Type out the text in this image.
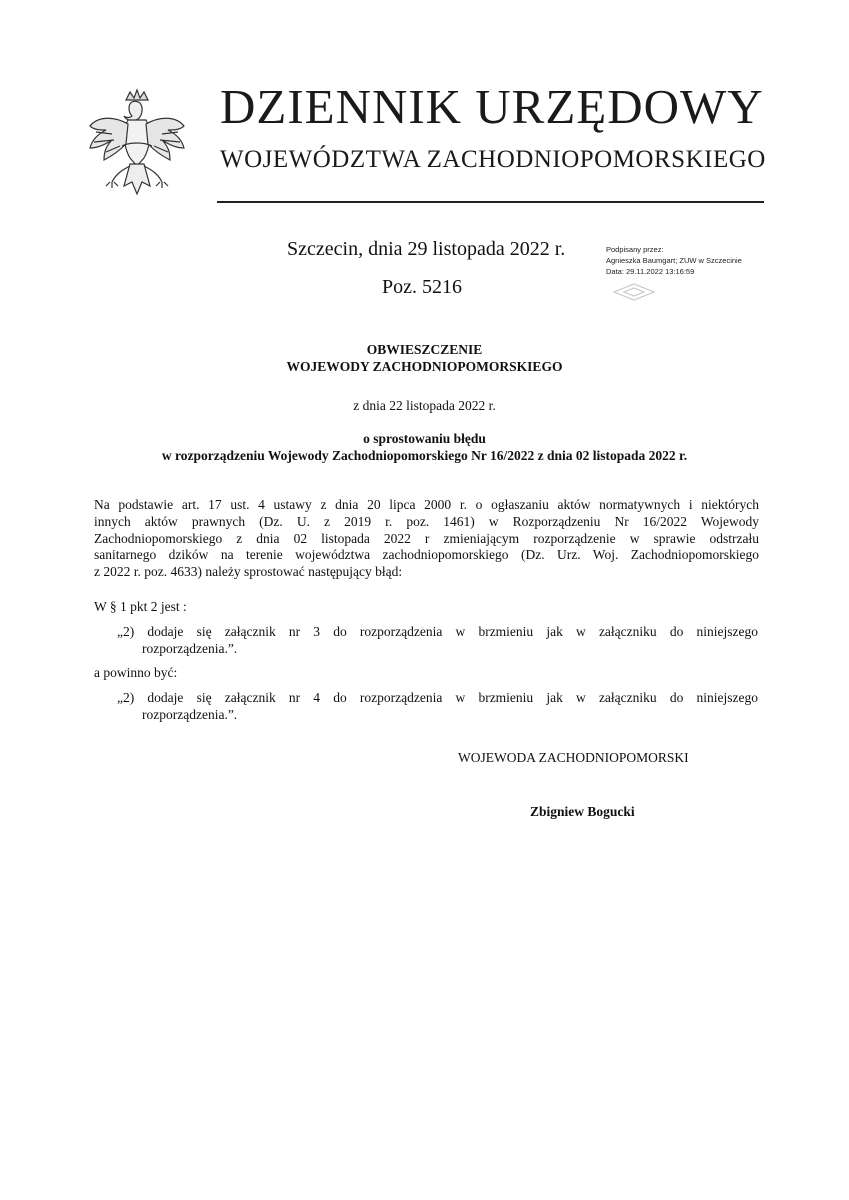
DZIENNIK URZĘDOWY
WOJEWÓDZTWA ZACHODNIOPOMORSKIEGO
Szczecin, dnia 29 listopada 2022 r.
Poz. 5216
Podpisany przez:
Agnieszka Baumgart; ZUW w Szczecinie
Data: 29.11.2022 13:16:59
OBWIESZCZENIE
WOJEWODY ZACHODNIOPOMORSKIEGO
z dnia 22 listopada 2022 r.
o sprostowaniu błędu
w rozporządzeniu Wojewody Zachodniopomorskiego Nr 16/2022 z dnia 02 listopada 2022 r.
Na podstawie art. 17 ust. 4 ustawy z dnia 20 lipca 2000 r. o ogłaszaniu aktów normatywnych i niektórych
innych aktów prawnych (Dz. U. z 2019 r. poz. 1461) w Rozporządzeniu Nr 16/2022 Wojewody
Zachodniopomorskiego z dnia 02 listopada 2022 r zmieniającym rozporządzenie w sprawie odstrzału
sanitarnego dzików na terenie województwa zachodniopomorskiego (Dz. Urz. Woj. Zachodniopomorskiego
z 2022 r. poz. 4633) należy sprostować następujący błąd:
W § 1 pkt 2 jest :
„2) dodaje się załącznik nr 3 do rozporządzenia w brzmieniu jak w załączniku do niniejszego
rozporządzenia.”.
a powinno być:
„2) dodaje się załącznik nr 4 do rozporządzenia w brzmieniu jak w załączniku do niniejszego
rozporządzenia.”.
WOJEWODA ZACHODNIOPOMORSKI
Zbigniew Bogucki
